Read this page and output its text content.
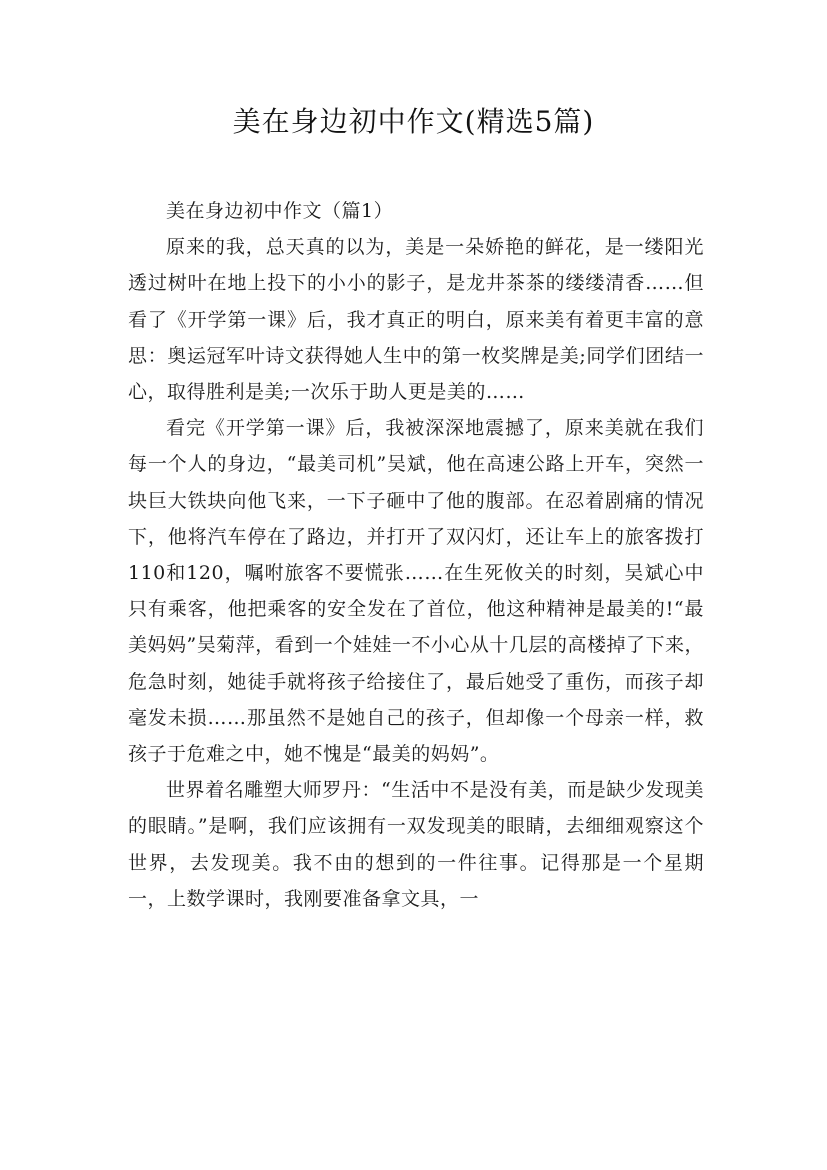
美在身边初中作文(精选5篇)

美在身边初中作文（篇1）

原来的我，总天真的以为，美是一朵娇艳的鲜花，是一缕阳光透过树叶在地上投下的小小的影子，是龙井茶茶的缕缕清香……但看了《开学第一课》后，我才真正的明白，原来美有着更丰富的意思：奥运冠军叶诗文获得她人生中的第一枚奖牌是美;同学们团结一心，取得胜利是美;一次乐于助人更是美的……

看完《开学第一课》后，我被深深地震撼了，原来美就在我们每一个人的身边，“最美司机”吴斌，他在高速公路上开车，突然一块巨大铁块向他飞来，一下子砸中了他的腹部。在忍着剧痛的情况下，他将汽车停在了路边，并打开了双闪灯，还让车上的旅客拨打110和120，嘱咐旅客不要慌张……在生死攸关的时刻，吴斌心中只有乘客，他把乘客的安全发在了首位，他这种精神是最美的!“最美妈妈”吴菊萍，看到一个娃娃一不小心从十几层的高楼掉了下来，危急时刻，她徒手就将孩子给接住了，最后她受了重伤，而孩子却毫发未损……那虽然不是她自己的孩子，但却像一个母亲一样，救孩子于危难之中，她不愧是“最美的妈妈”。

世界着名雕塑大师罗丹：“生活中不是没有美，而是缺少发现美的眼睛。”是啊，我们应该拥有一双发现美的眼睛，去细细观察这个世界，去发现美。我不由的想到的一件往事。记得那是一个星期一，上数学课时，我刚要准备拿文具，一
